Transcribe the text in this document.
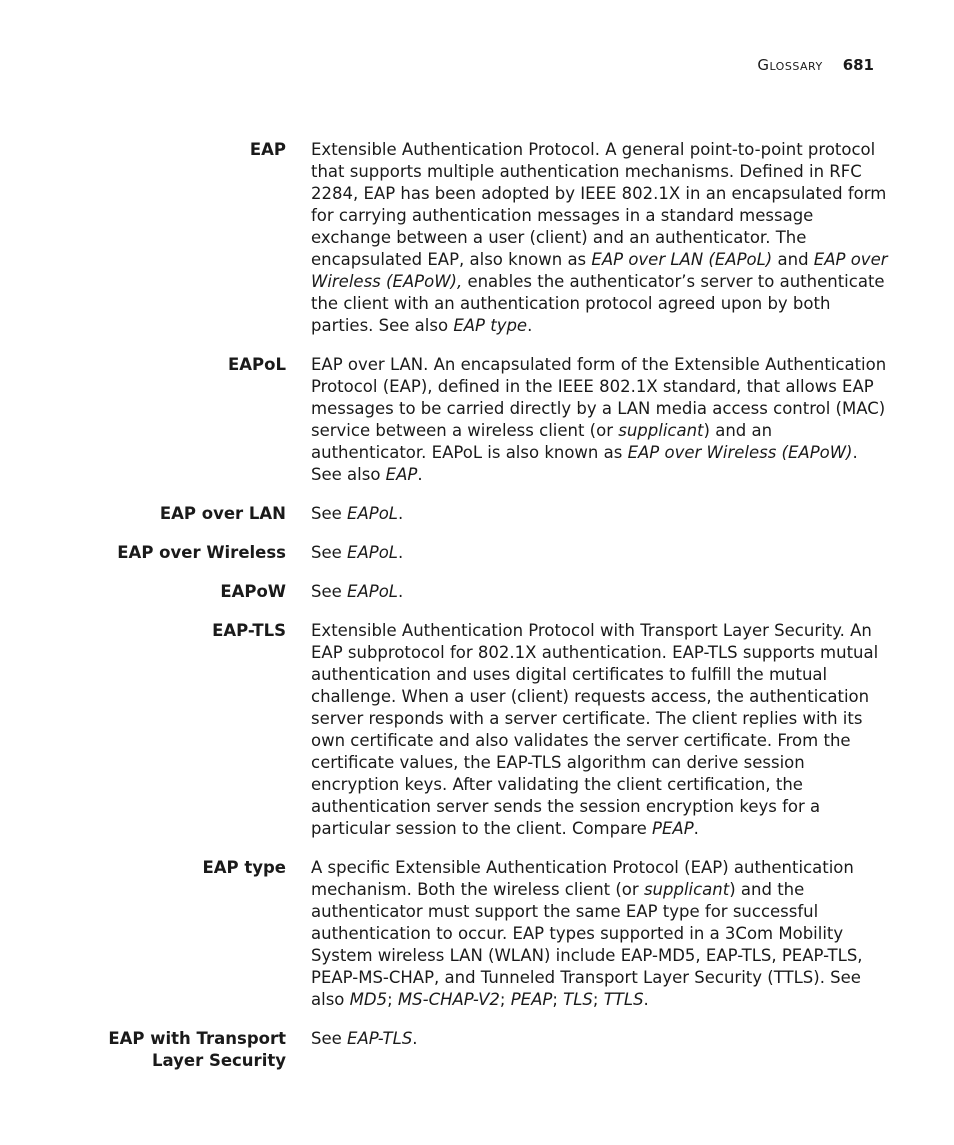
GLOSSARY 681
EAP Extensible Authentication Protocol. A general point-to-point protocol that supports multiple authentication mechanisms. Defined in RFC 2284, EAP has been adopted by IEEE 802.1X in an encapsulated form for carrying authentication messages in a standard message exchange between a user (client) and an authenticator. The encapsulated EAP, also known as EAP over LAN (EAPoL) and EAP over Wireless (EAPoW), enables the authenticator’s server to authenticate the client with an authentication protocol agreed upon by both parties. See also EAP type.
EAPoL EAP over LAN. An encapsulated form of the Extensible Authentication Protocol (EAP), defined in the IEEE 802.1X standard, that allows EAP messages to be carried directly by a LAN media access control (MAC) service between a wireless client (or supplicant) and an authenticator. EAPoL is also known as EAP over Wireless (EAPoW). See also EAP.
EAP over LAN See EAPoL.
EAP over Wireless See EAPoL.
EAPoW See EAPoL.
EAP-TLS Extensible Authentication Protocol with Transport Layer Security. An EAP subprotocol for 802.1X authentication. EAP-TLS supports mutual authentication and uses digital certificates to fulfill the mutual challenge. When a user (client) requests access, the authentication server responds with a server certificate. The client replies with its own certificate and also validates the server certificate. From the certificate values, the EAP-TLS algorithm can derive session encryption keys. After validating the client certification, the authentication server sends the session encryption keys for a particular session to the client. Compare PEAP.
EAP type A specific Extensible Authentication Protocol (EAP) authentication mechanism. Both the wireless client (or supplicant) and the authenticator must support the same EAP type for successful authentication to occur. EAP types supported in a 3Com Mobility System wireless LAN (WLAN) include EAP-MD5, EAP-TLS, PEAP-TLS, PEAP-MS-CHAP, and Tunneled Transport Layer Security (TTLS). See also MD5; MS-CHAP-V2; PEAP; TLS; TTLS.
EAP with Transport
Layer Security
See EAP-TLS.
